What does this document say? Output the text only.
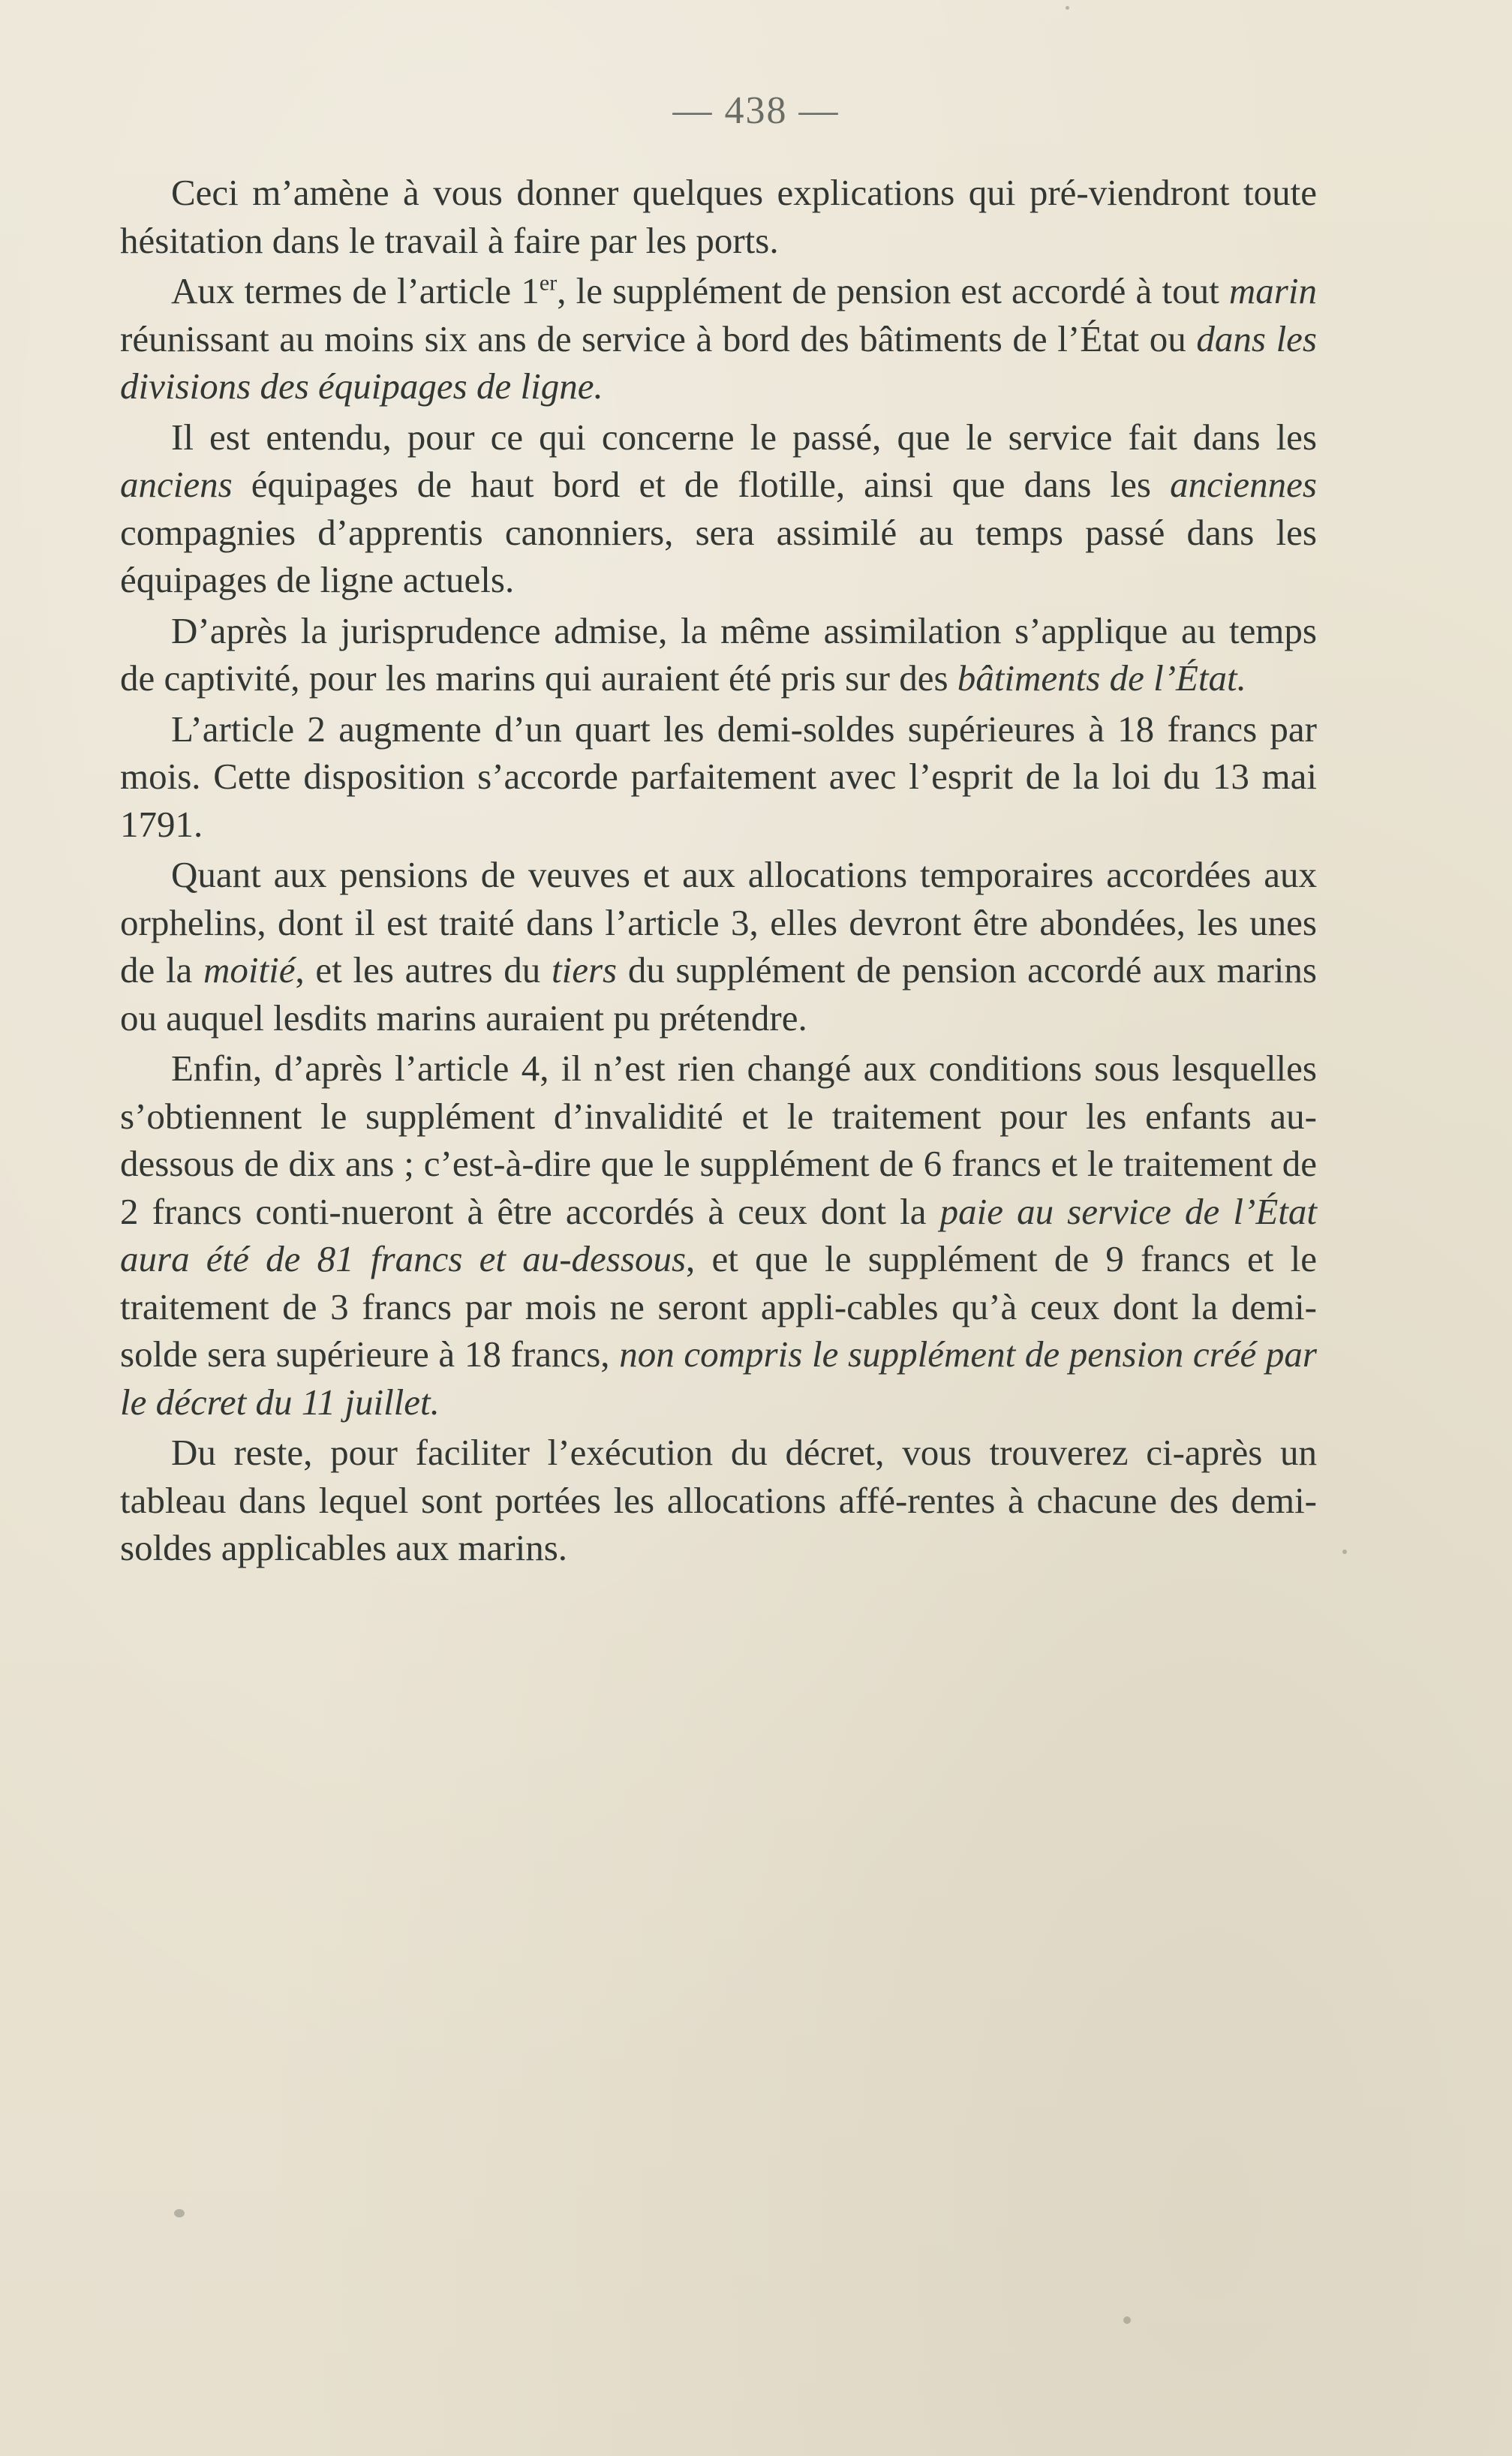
— 438 —

Ceci m’amène à vous donner quelques explications qui pré-viendront toute hésitation dans le travail à faire par les ports.

Aux termes de l’article 1er, le supplément de pension est accordé à tout marin réunissant au moins six ans de service à bord des bâtiments de l’État ou dans les divisions des équipages de ligne.

Il est entendu, pour ce qui concerne le passé, que le service fait dans les anciens équipages de haut bord et de flotille, ainsi que dans les anciennes compagnies d’apprentis canonniers, sera assimilé au temps passé dans les équipages de ligne actuels.

D’après la jurisprudence admise, la même assimilation s’applique au temps de captivité, pour les marins qui auraient été pris sur des bâtiments de l’État.

L’article 2 augmente d’un quart les demi-soldes supérieures à 18 francs par mois. Cette disposition s’accorde parfaitement avec l’esprit de la loi du 13 mai 1791.

Quant aux pensions de veuves et aux allocations temporaires accordées aux orphelins, dont il est traité dans l’article 3, elles devront être abondées, les unes de la moitié, et les autres du tiers du supplément de pension accordé aux marins ou auquel lesdits marins auraient pu prétendre.

Enfin, d’après l’article 4, il n’est rien changé aux conditions sous lesquelles s’obtiennent le supplément d’invalidité et le traitement pour les enfants au-dessous de dix ans ; c’est-à-dire que le supplément de 6 francs et le traitement de 2 francs conti-nueront à être accordés à ceux dont la paie au service de l’État aura été de 81 francs et au-dessous, et que le supplément de 9 francs et le traitement de 3 francs par mois ne seront appli-cables qu’à ceux dont la demi-solde sera supérieure à 18 francs, non compris le supplément de pension créé par le décret du 11 juillet.

Du reste, pour faciliter l’exécution du décret, vous trouverez ci-après un tableau dans lequel sont portées les allocations affé-rentes à chacune des demi-soldes applicables aux marins.
